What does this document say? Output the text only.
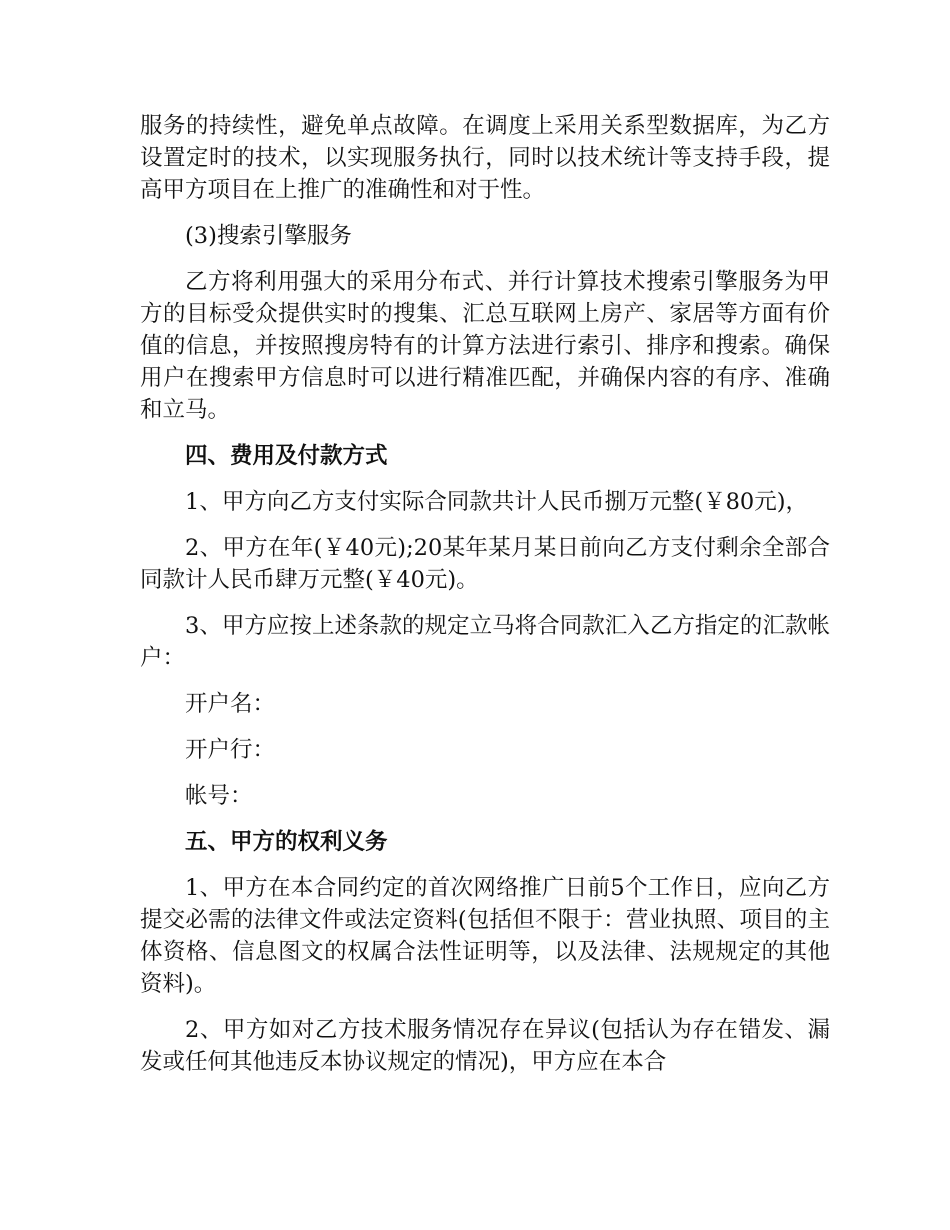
服务的持续性，避免单点故障。在调度上采用关系型数据库，为乙方设置定时的技术，以实现服务执行，同时以技术统计等支持手段，提高甲方项目在上推广的准确性和对于性。

(3)搜索引擎服务

乙方将利用强大的采用分布式、并行计算技术搜索引擎服务为甲方的目标受众提供实时的搜集、汇总互联网上房产、家居等方面有价值的信息，并按照搜房特有的计算方法进行索引、排序和搜索。确保用户在搜索甲方信息时可以进行精准匹配，并确保内容的有序、准确和立马。

四、费用及付款方式

1、甲方向乙方支付实际合同款共计人民币捌万元整(￥80元)，

2、甲方在年(￥40元);20某年某月某日前向乙方支付剩余全部合同款计人民币肆万元整(￥40元)。

3、甲方应按上述条款的规定立马将合同款汇入乙方指定的汇款帐户：

开户名：

开户行：

帐号：

五、甲方的权利义务

1、甲方在本合同约定的首次网络推广日前5个工作日，应向乙方提交必需的法律文件或法定资料(包括但不限于：营业执照、项目的主体资格、信息图文的权属合法性证明等，以及法律、法规规定的其他资料)。

2、甲方如对乙方技术服务情况存在异议(包括认为存在错发、漏发或任何其他违反本协议规定的情况)，甲方应在本合
